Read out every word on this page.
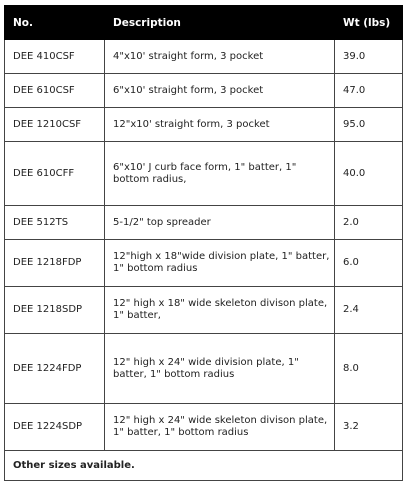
No.	Description	Wt (lbs)
DEE 410CSF	4"x10' straight form, 3 pocket	39.0
DEE 610CSF	6"x10' straight form, 3 pocket	47.0
DEE 1210CSF	12"x10' straight form, 3 pocket	95.0
DEE 610CFF	6"x10' J curb face form, 1" batter, 1" bottom radius,	40.0
DEE 512TS	5-1/2" top spreader	2.0
DEE 1218FDP	12"high x 18"wide division plate, 1" batter, 1" bottom radius	6.0
DEE 1218SDP	12" high x 18" wide skeleton divison plate, 1" batter,	2.4
DEE 1224FDP	12" high x 24" wide division plate, 1" batter, 1" bottom radius	8.0
DEE 1224SDP	12" high x 24" wide skeleton divison plate, 1" batter, 1" bottom radius	3.2
Other sizes available.		
